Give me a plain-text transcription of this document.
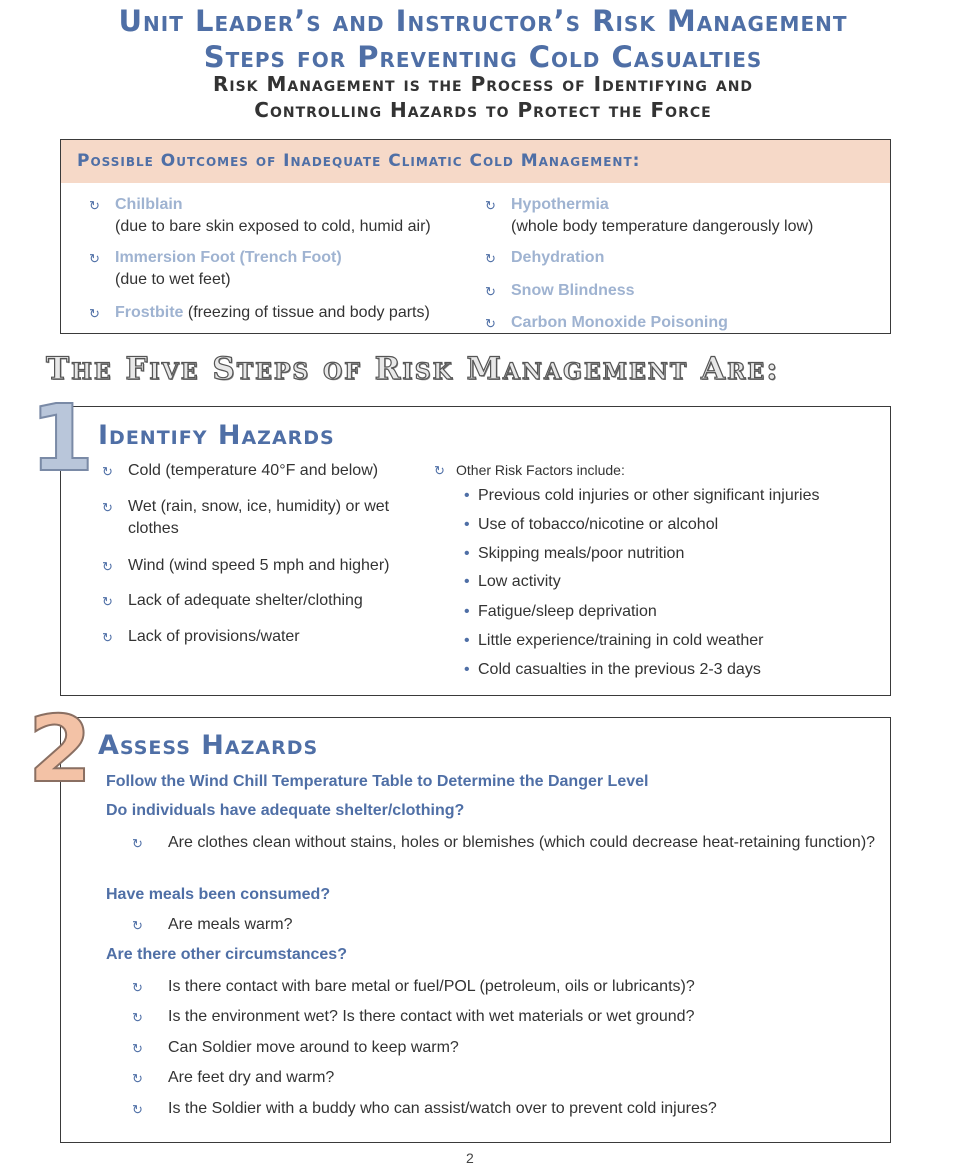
Unit Leader’s and Instructor’s Risk Management
Steps for Preventing Cold Casualties
Risk Management is the Process of Identifying and
Controlling Hazards to Protect the Force
Possible Outcomes of Inadequate Climatic Cold Management:
↻ Chilblain
(due to bare skin exposed to cold, humid air)
↻ Immersion Foot (Trench Foot)
(due to wet feet)
↻ Frostbite (freezing of tissue and body parts)
↻ Hypothermia
(whole body temperature dangerously low)
↻ Dehydration
↻ Snow Blindness
↻ Carbon Monoxide Poisoning
The Five Steps of Risk Management Are:
1 Identify Hazards
↻ Cold (temperature 40°F and below)
↻ Wet (rain, snow, ice, humidity) or wet clothes
↻ Wind (wind speed 5 mph and higher)
↻ Lack of adequate shelter/clothing
↻ Lack of provisions/water
↻ Other Risk Factors include:
• Previous cold injuries or other significant injuries
• Use of tobacco/nicotine or alcohol
• Skipping meals/poor nutrition
• Low activity
• Fatigue/sleep deprivation
• Little experience/training in cold weather
• Cold casualties in the previous 2-3 days
2 Assess Hazards
Follow the Wind Chill Temperature Table to Determine the Danger Level
Do individuals have adequate shelter/clothing?
↻	Are clothes clean without stains, holes or blemishes (which could decrease heat-retaining function)?
Have meals been consumed?
↻	Are meals warm?
Are there other circumstances?
↻	Is there contact with bare metal or fuel/POL (petroleum, oils or lubricants)?
↻	Is the environment wet? Is there contact with wet materials or wet ground?
↻	Can Soldier move around to keep warm?
↻	Are feet dry and warm?
↻	Is the Soldier with a buddy who can assist/watch over to prevent cold injures?
2
